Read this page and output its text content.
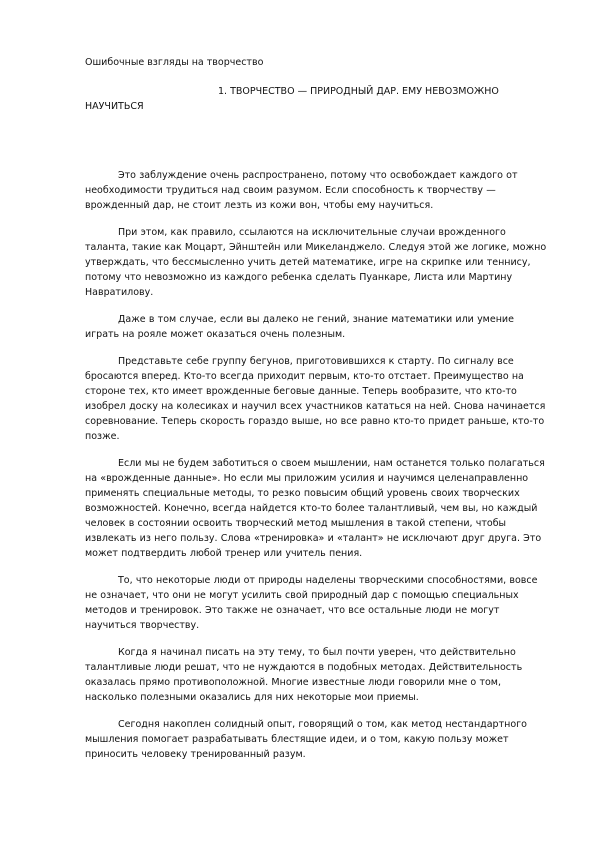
Ошибочные взгляды на творчество

1. ТВОРЧЕСТВО — ПРИРОДНЫЙ ДАР. ЕМУ НЕВОЗМОЖНО НАУЧИТЬСЯ

Это заблуждение очень распространено, потому что освобождает каждого от необходимости трудиться над своим разумом. Если способность к творчеству — врожденный дар, не стоит лезть из кожи вон, чтобы ему научиться.

При этом, как правило, ссылаются на исключительные случаи врожденного таланта, такие как Моцарт, Эйнштейн или Микеланджело. Следуя этой же логике, можно утверждать, что бессмысленно учить детей математике, игре на скрипке или теннису, потому что невозможно из каждого ребенка сделать Пуанкаре, Листа или Мартину Навратилову.

Даже в том случае, если вы далеко не гений, знание математики или умение играть на рояле может оказаться очень полезным.

Представьте себе группу бегунов, приготовившихся к старту. По сигналу все бросаются вперед. Кто-то всегда приходит первым, кто-то отстает. Преимущество на стороне тех, кто имеет врожденные беговые данные. Теперь вообразите, что кто-то изобрел доску на колесиках и научил всех участников кататься на ней. Снова начинается соревнование. Теперь скорость гораздо выше, но все равно кто-то придет раньше, кто-то позже.

Если мы не будем заботиться о своем мышлении, нам останется только полагаться на «врожденные данные». Но если мы приложим усилия и научимся целенаправленно применять специальные методы, то резко повысим общий уровень своих творческих возможностей. Конечно, всегда найдется кто-то более талантливый, чем вы, но каждый человек в состоянии освоить творческий метод мышления в такой степени, чтобы извлекать из него пользу. Слова «тренировка» и «талант» не исключают друг друга. Это может подтвердить любой тренер или учитель пения.

То, что некоторые люди от природы наделены творческими способностями, вовсе не означает, что они не могут усилить свой природный дар с помощью специальных методов и тренировок. Это также не означает, что все остальные люди не могут научиться творчеству.

Когда я начинал писать на эту тему, то был почти уверен, что действительно талантливые люди решат, что не нуждаются в подобных методах. Действительность оказалась прямо противоположной. Многие известные люди говорили мне о том, насколько полезными оказались для них некоторые мои приемы.

Сегодня накоплен солидный опыт, говорящий о том, как метод нестандартного мышления помогает разрабатывать блестящие идеи, и о том, какую пользу может приносить человеку тренированный разум.
